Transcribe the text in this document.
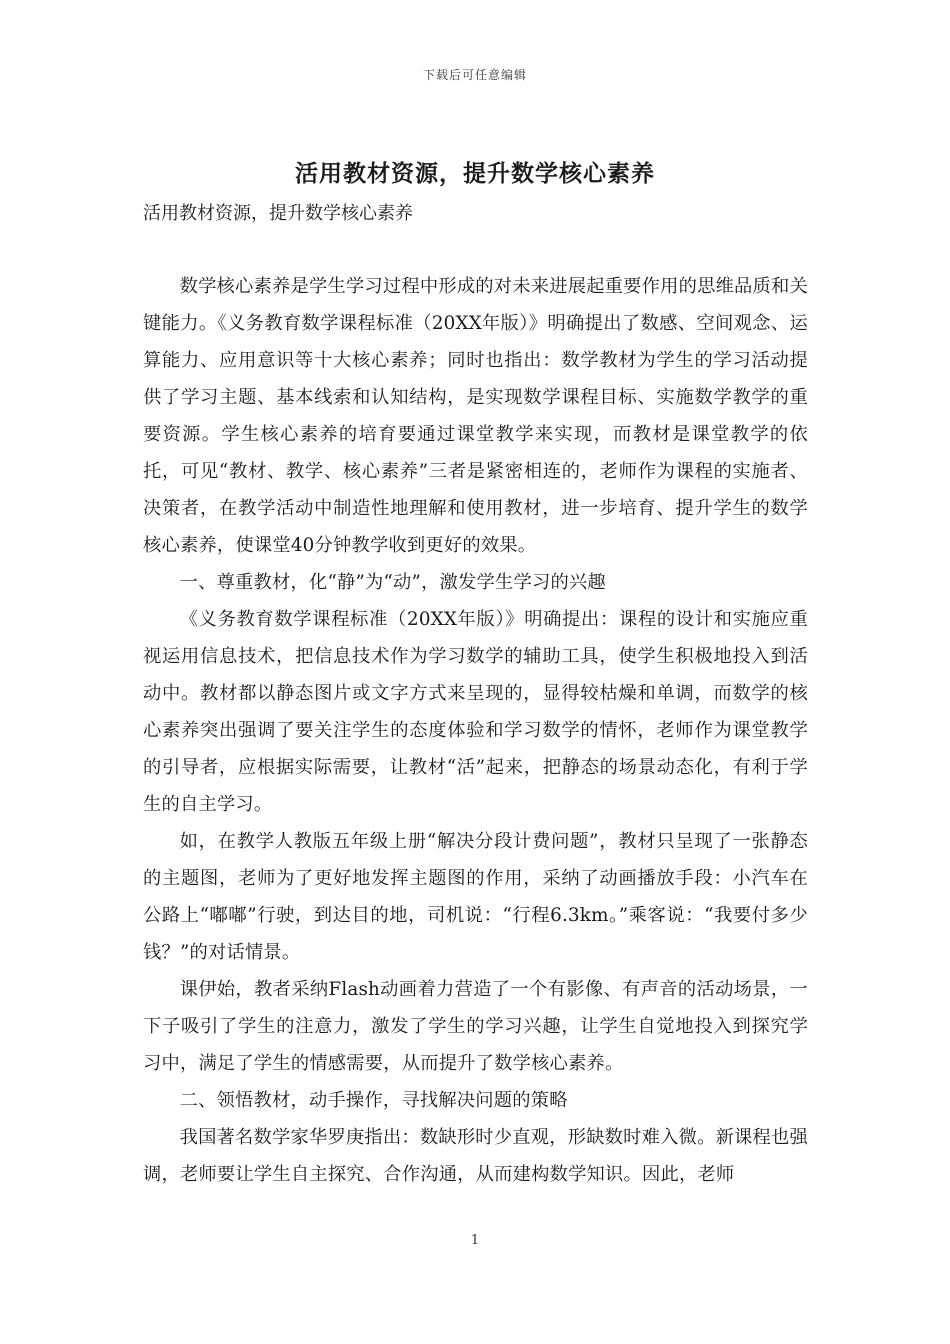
下载后可任意编辑
活用教材资源，提升数学核心素养

活用教材资源，提升数学核心素养

数学核心素养是学生学习过程中形成的对未来进展起重要作用的思维品质和关键能力。《义务教育数学课程标准（20XX年版）》明确提出了数感、空间观念、运算能力、应用意识等十大核心素养；同时也指出：数学教材为学生的学习活动提供了学习主题、基本线索和认知结构，是实现数学课程目标、实施数学教学的重要资源。学生核心素养的培育要通过课堂教学来实现，而教材是课堂教学的依托，可见“教材、教学、核心素养”三者是紧密相连的，老师作为课程的实施者、决策者，在教学活动中制造性地理解和使用教材，进一步培育、提升学生的数学核心素养，使课堂40分钟教学收到更好的效果。

一、尊重教材，化“静”为“动”，激发学生学习的兴趣

《义务教育数学课程标准（20XX年版）》明确提出：课程的设计和实施应重视运用信息技术，把信息技术作为学习数学的辅助工具，使学生积极地投入到活动中。教材都以静态图片或文字方式来呈现的，显得较枯燥和单调，而数学的核心素养突出强调了要关注学生的态度体验和学习数学的情怀，老师作为课堂教学的引导者，应根据实际需要，让教材“活”起来，把静态的场景动态化，有利于学生的自主学习。

如，在教学人教版五年级上册“解决分段计费问题”，教材只呈现了一张静态的主题图，老师为了更好地发挥主题图的作用，采纳了动画播放手段：小汽车在公路上“嘟嘟”行驶，到达目的地，司机说：“行程6.3km。”乘客说：“我要付多少钱？”的对话情景。

课伊始，教者采纳Flash动画着力营造了一个有影像、有声音的活动场景，一下子吸引了学生的注意力，激发了学生的学习兴趣，让学生自觉地投入到探究学习中，满足了学生的情感需要，从而提升了数学核心素养。

二、领悟教材，动手操作，寻找解决问题的策略

我国著名数学家华罗庚指出：数缺形时少直观，形缺数时难入微。新课程也强调，老师要让学生自主探究、合作沟通，从而建构数学知识。因此，老师

1
